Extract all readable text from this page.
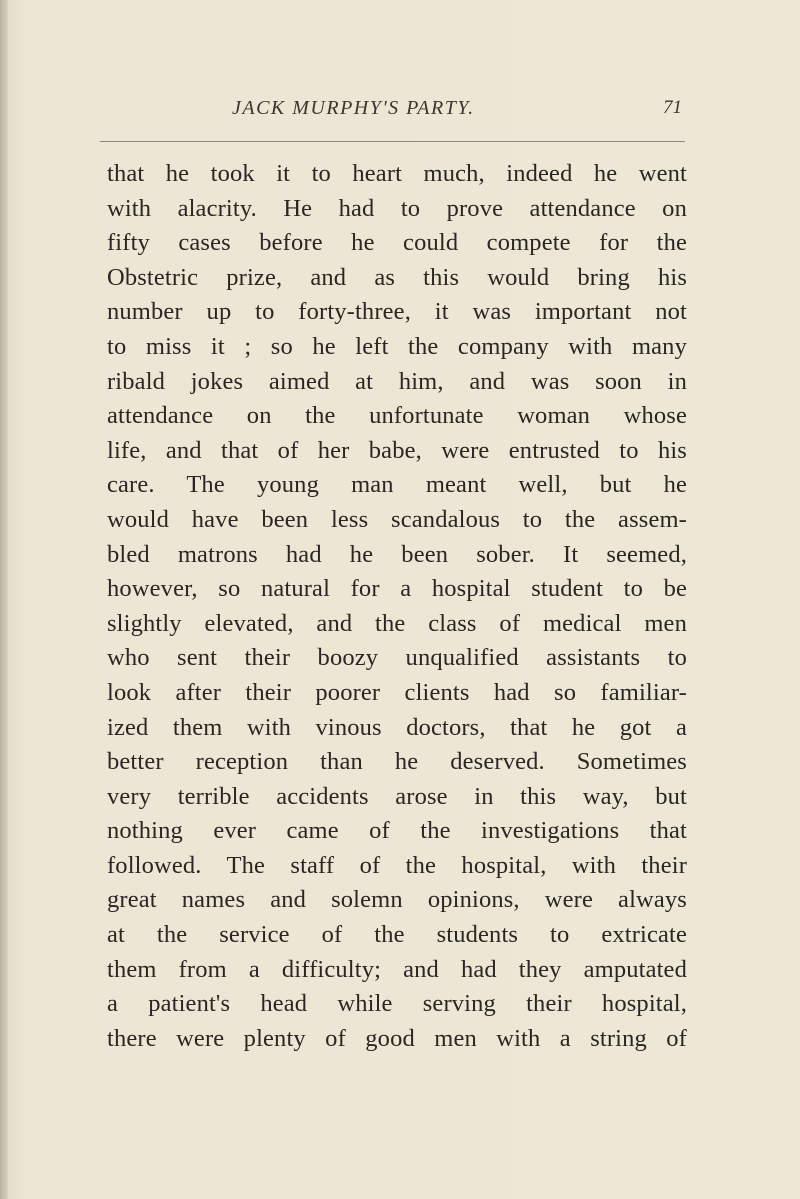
JACK MURPHY'S PARTY.	71
that he took it to heart much, indeed he went
with alacrity. He had to prove attendance on
fifty cases before he could compete for the
Obstetric prize, and as this would bring his
number up to forty-three, it was important not
to miss it ; so he left the company with many
ribald jokes aimed at him, and was soon in
attendance on the unfortunate woman whose
life, and that of her babe, were entrusted to his
care. The young man meant well, but he
would have been less scandalous to the assem-
bled matrons had he been sober. It seemed,
however, so natural for a hospital student to be
slightly elevated, and the class of medical men
who sent their boozy unqualified assistants to
look after their poorer clients had so familiar-
ized them with vinous doctors, that he got a
better reception than he deserved. Sometimes
very terrible accidents arose in this way, but
nothing ever came of the investigations that
followed. The staff of the hospital, with their
great names and solemn opinions, were always
at the service of the students to extricate
them from a difficulty; and had they amputated
a patient's head while serving their hospital,
there were plenty of good men with a string of
